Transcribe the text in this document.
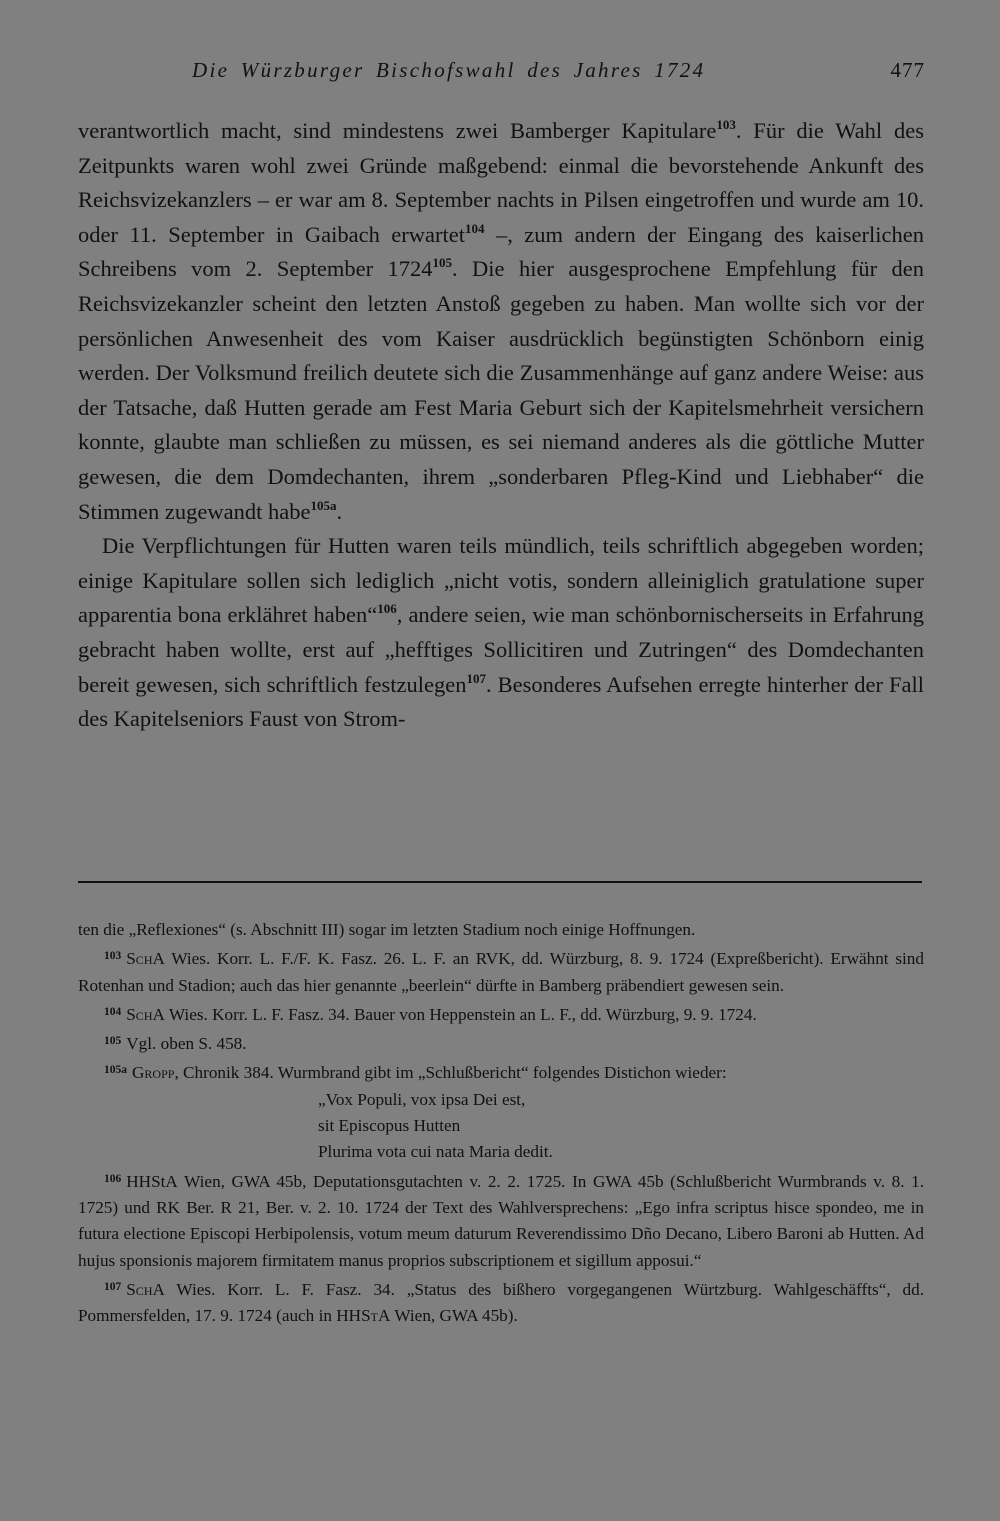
Die Würzburger Bischofswahl des Jahres 1724	477

verantwortlich macht, sind mindestens zwei Bamberger Kapitulare$^{103}$. Für die Wahl des Zeitpunkts waren wohl zwei Gründe maßgebend: einmal die bevorstehende Ankunft des Reichsvizekanzlers – er war am 8. September nachts in Pilsen eingetroffen und wurde am 10. oder 11. September in Gaibach erwartet$^{104}$ –, zum andern der Eingang des kaiserlichen Schreibens vom 2. September 1724$^{105}$. Die hier ausgesprochene Empfehlung für den Reichsvizekanzler scheint den letzten Anstoß gegeben zu haben. Man wollte sich vor der persönlichen Anwesenheit des vom Kaiser ausdrücklich begünstigten Schönborn einig werden. Der Volksmund freilich deutete sich die Zusammenhänge auf ganz andere Weise: aus der Tatsache, daß Hutten gerade am Fest Maria Geburt sich der Kapitelsmehrheit versichern konnte, glaubte man schließen zu müssen, es sei niemand anderes als die göttliche Mutter gewesen, die dem Domdechanten, ihrem „sonderbaren Pfleg-Kind und Liebhaber“ die Stimmen zugewandt habe$^{105a}$.

Die Verpflichtungen für Hutten waren teils mündlich, teils schriftlich abgegeben worden; einige Kapitulare sollen sich lediglich „nicht votis, sondern alleiniglich gratulatione super apparentia bona erklähret haben“$^{106}$, andere seien, wie man schönbornischerseits in Erfahrung gebracht haben wollte, erst auf „hefftiges Sollicitiren und Zutringen“ des Domdechanten bereit gewesen, sich schriftlich festzulegen$^{107}$. Besonderes Aufsehen erregte hinterher der Fall des Kapitelseniors Faust von Strom-

ten die „Reflexiones“ (s. Abschnitt III) sogar im letzten Stadium noch einige Hoffnungen.

$^{103}$ SchA Wies. Korr. L. F./F. K. Fasz. 26. L. F. an RVK, dd. Würzburg, 8. 9. 1724 (Expreßbericht). Erwähnt sind Rotenhan und Stadion; auch das hier genannte „beerlein“ dürfte in Bamberg präbendiert gewesen sein.

$^{104}$ SchA Wies. Korr. L. F. Fasz. 34. Bauer von Heppenstein an L. F., dd. Würzburg, 9. 9. 1724.

$^{105}$ Vgl. oben S. 458.

$^{105a}$ Gropp, Chronik 384. Wurmbrand gibt im „Schlußbericht“ folgendes Distichon wieder:

„Vox Populi, vox ipsa Dei est,

sit Episcopus Hutten

Plurima vota cui nata Maria dedit.

$^{106}$ HHStA Wien, GWA 45b, Deputationsgutachten v. 2. 2. 1725. In GWA 45b (Schlußbericht Wurmbrands v. 8. 1. 1725) und RK Ber. R 21, Ber. v. 2. 10. 1724 der Text des Wahlversprechens: „Ego infra scriptus hisce spondeo, me in futura electione Episcopi Herbipolensis, votum meum daturum Reverendissimo Dño Decano, Libero Baroni ab Hutten. Ad hujus sponsionis majorem firmitatem manus proprios subscriptionem et sigillum apposui.“

$^{107}$ SchA Wies. Korr. L. F. Fasz. 34. „Status des bißhero vorgegangenen Würtzburg. Wahlgeschäffts“, dd. Pommersfelden, 17. 9. 1724 (auch in HHStA Wien, GWA 45b).
